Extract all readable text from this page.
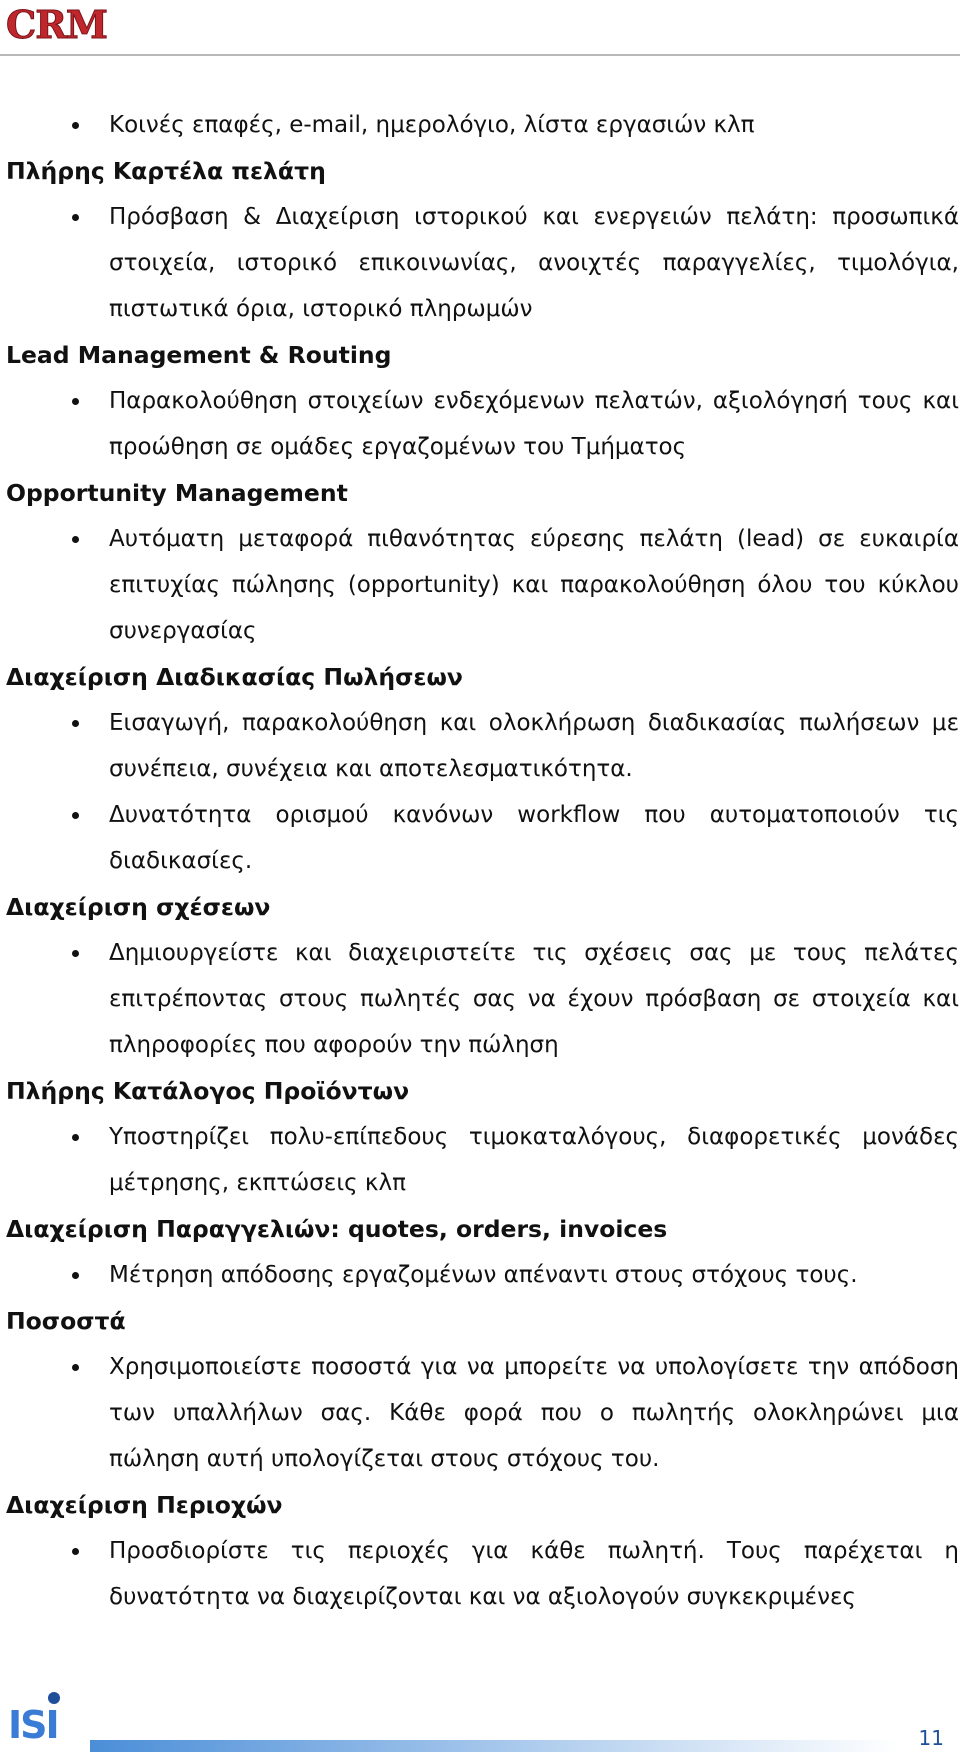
CRM
Κοινές επαφές, e-mail, ημερολόγιο, λίστα εργασιών κλπ
Πλήρης Καρτέλα πελάτη
Πρόσβαση & Διαχείριση ιστορικού και ενεργειών πελάτη: προσωπικά στοιχεία, ιστορικό επικοινωνίας, ανοιχτές παραγγελίες, τιμολόγια, πιστωτικά όρια, ιστορικό πληρωμών
Lead Management & Routing
Παρακολούθηση στοιχείων ενδεχόμενων πελατών, αξιολόγησή τους και προώθηση σε ομάδες εργαζομένων του Τμήματος
Opportunity Management
Αυτόματη μεταφορά πιθανότητας εύρεσης πελάτη (lead) σε ευκαιρία επιτυχίας πώλησης (opportunity) και παρακολούθηση όλου του κύκλου συνεργασίας
Διαχείριση Διαδικασίας Πωλήσεων
Εισαγωγή, παρακολούθηση και ολοκλήρωση διαδικασίας πωλήσεων με συνέπεια, συνέχεια και αποτελεσματικότητα.
Δυνατότητα ορισμού κανόνων workflow που αυτοματοποιούν τις διαδικασίες.
Διαχείριση σχέσεων
Δημιουργείστε και διαχειριστείτε τις σχέσεις σας με τους πελάτες επιτρέποντας στους πωλητές σας να έχουν πρόσβαση σε στοιχεία και πληροφορίες που αφορούν την πώληση
Πλήρης Κατάλογος Προϊόντων
Υποστηρίζει πολυ-επίπεδους τιμοκαταλόγους, διαφορετικές μονάδες μέτρησης, εκπτώσεις κλπ
Διαχείριση Παραγγελιών: quotes, orders, invoices
Μέτρηση απόδοσης εργαζομένων απέναντι στους στόχους τους.
Ποσοστά
Χρησιμοποιείστε ποσοστά για να μπορείτε να υπολογίσετε την απόδοση των υπαλλήλων σας. Κάθε φορά που ο πωλητής ολοκληρώνει μια πώληση αυτή υπολογίζεται στους στόχους του.
Διαχείριση Περιοχών
Προσδιορίστε τις περιοχές για κάθε πωλητή. Τους παρέχεται η δυνατότητα να διαχειρίζονται και να αξιολογούν συγκεκριμένες
ISI	11
